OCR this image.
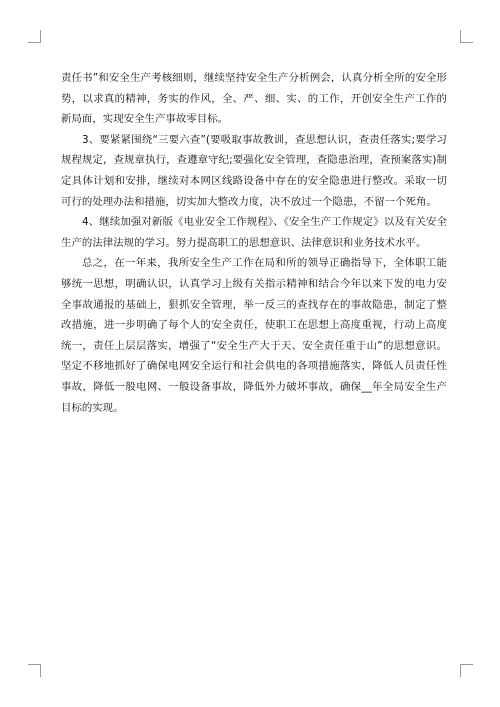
责任书”和安全生产考核细则，继续坚持安全生产分析例会，认真分析全所的安全形势，以求真的精神，务实的作风，全、严、细、实、的工作，开创安全生产工作的新局面，实现安全生产事故零目标。

3、要紧紧围绕“三要六查”(要吸取事故教训，查思想认识，查责任落实;要学习规程规定，查规章执行，查遵章守纪;要强化安全管理，查隐患治理，查预案落实)制定具体计划和安排，继续对本网区线路设备中存在的安全隐患进行整改。采取一切可行的处理办法和措施，切实加大整改力度，决不放过一个隐患，不留一个死角。

4、继续加强对新版《电业安全工作规程》、《安全生产工作规定》以及有关安全生产的法律法规的学习。努力提高职工的思想意识、法律意识和业务技术水平。

总之，在一年来，我所安全生产工作在局和所的领导正确指导下，全体职工能够统一思想，明确认识，认真学习上级有关指示精神和结合今年以来下发的电力安全事故通报的基础上，狠抓安全管理，举一反三的查找存在的事故隐患，制定了整改措施，进一步明确了每个人的安全责任，使职工在思想上高度重视，行动上高度统一，责任上层层落实，增强了“安全生产大于天、安全责任重于山”的思想意识。坚定不移地抓好了确保电网安全运行和社会供电的各项措施落实，降低人员责任性事故，降低一般电网、一般设备事故，降低外力破坏事故，确保__年全局安全生产目标的实现。
